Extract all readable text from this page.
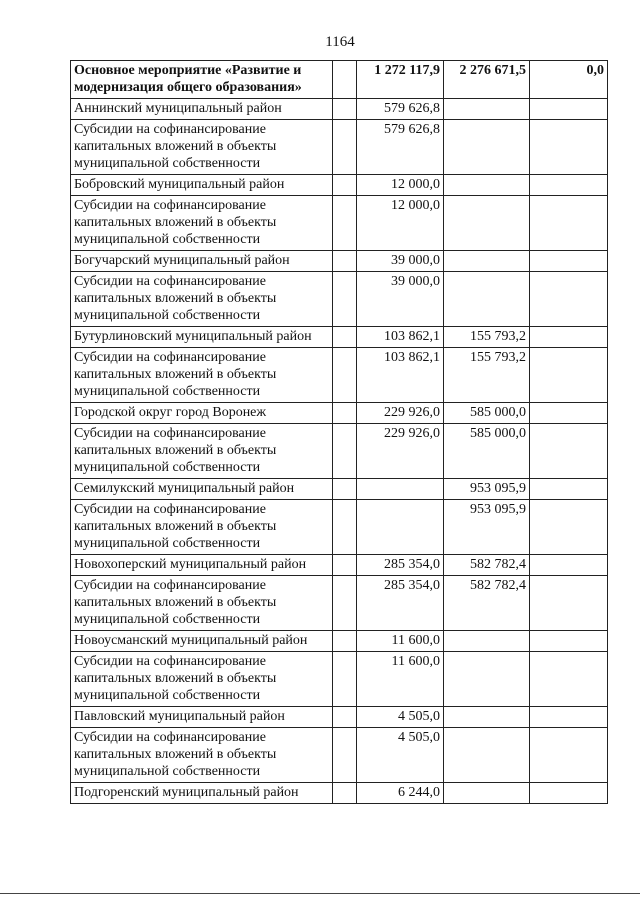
1164
Основное мероприятие «Развитие и модернизация общего образования»		1 272 117,9	2 276 671,5	0,0
Аннинский муниципальный район		579 626,8		
Субсидии на софинансирование капитальных вложений в объекты муниципальной собственности		579 626,8		
Бобровский муниципальный район		12 000,0		
Субсидии на софинансирование капитальных вложений в объекты муниципальной собственности		12 000,0		
Богучарский муниципальный район		39 000,0		
Субсидии на софинансирование капитальных вложений в объекты муниципальной собственности		39 000,0		
Бутурлиновский муниципальный район		103 862,1	155 793,2	
Субсидии на софинансирование капитальных вложений в объекты муниципальной собственности		103 862,1	155 793,2	
Городской округ город Воронеж		229 926,0	585 000,0	
Субсидии на софинансирование капитальных вложений в объекты муниципальной собственности		229 926,0	585 000,0	
Семилукский муниципальный район			953 095,9	
Субсидии на софинансирование капитальных вложений в объекты муниципальной собственности			953 095,9	
Новохоперский муниципальный район		285 354,0	582 782,4	
Субсидии на софинансирование капитальных вложений в объекты муниципальной собственности		285 354,0	582 782,4	
Новоусманский муниципальный район		11 600,0		
Субсидии на софинансирование капитальных вложений в объекты муниципальной собственности		11 600,0		
Павловский муниципальный район		4 505,0		
Субсидии на софинансирование капитальных вложений в объекты муниципальной собственности		4 505,0		
Подгоренский муниципальный район		6 244,0		
